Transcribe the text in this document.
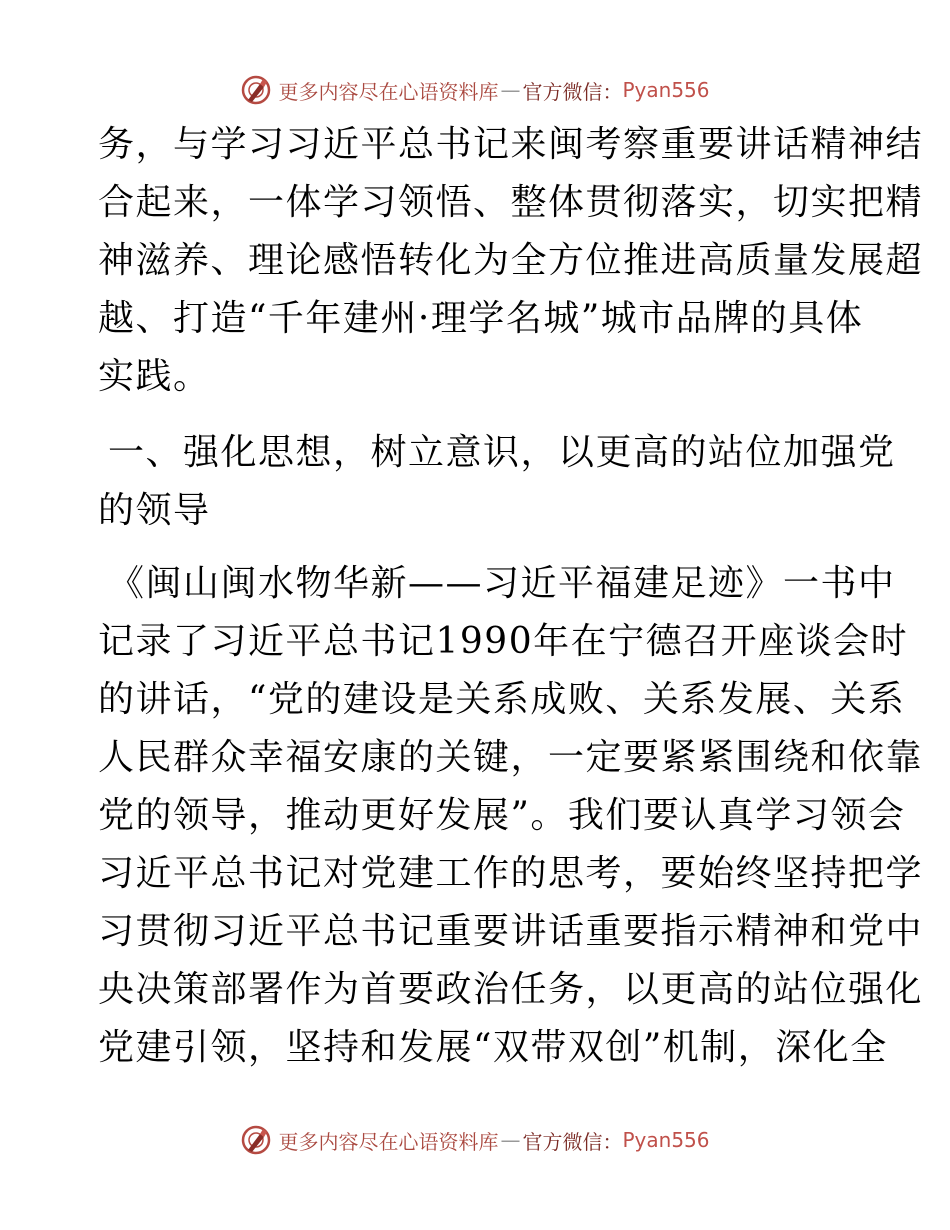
更多内容尽在心语资料库 — 官方微信： Pyan556
务，与学习习近平总书记来闽考察重要讲话精神结
合起来，一体学习领悟、整体贯彻落实，切实把精
神滋养、理论感悟转化为全方位推进高质量发展超
越、打造“千年建州·理学名城”城市品牌的具体
实践。
一、强化思想，树立意识，以更高的站位加强党
的领导
《闽山闽水物华新——习近平福建足迹》一书中
记录了习近平总书记1990年在宁德召开座谈会时
的讲话，“党的建设是关系成败、关系发展、关系
人民群众幸福安康的关键，一定要紧紧围绕和依靠
党的领导，推动更好发展”。我们要认真学习领会
习近平总书记对党建工作的思考，要始终坚持把学
习贯彻习近平总书记重要讲话重要指示精神和党中
央决策部署作为首要政治任务，以更高的站位强化
党建引领，坚持和发展“双带双创”机制，深化全
更多内容尽在心语资料库 — 官方微信： Pyan556
